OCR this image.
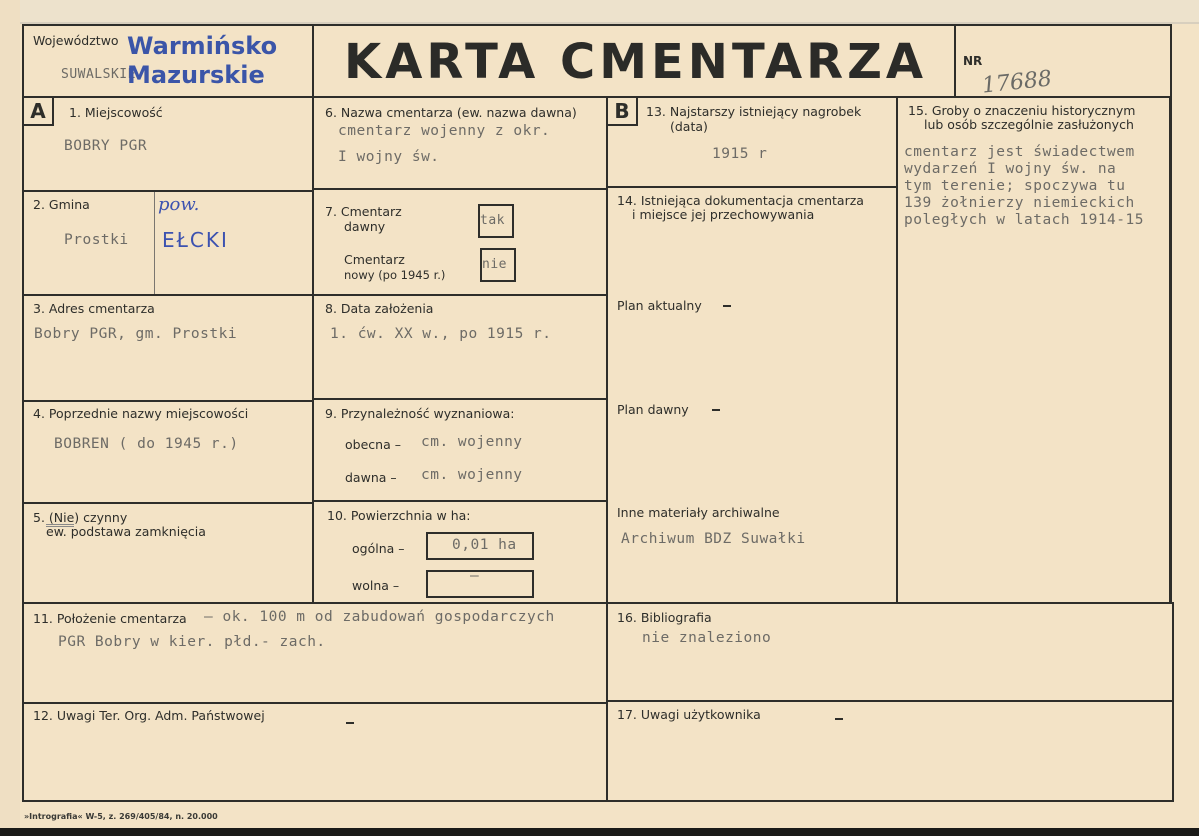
Województwo
SUWALSKIE
Warmińsko
Mazurskie KARTA CMENTARZA	NR
17688
A	1. Miejscowość
BOBRY PGR
2. Gmina
Prostki
pow.
EŁCKI
3. Adres cmentarza
Bobry PGR, gm. Prostki
4. Poprzednie nazwy miejscowości
BOBREN ( do 1945 r.)
5. (Nie) czynny
ew. podstawa zamknięcia
6. Nazwa cmentarza (ew. nazwa dawna)
cmentarz wojenny z okr.
I wojny św.
7. Cmentarz
dawny	tak
Cmentarz
nowy (po 1945 r.)
nie
8. Data założenia
1. ćw. XX w., po 1915 r.
9. Przynależność wyznaniowa:
obecna – cm. wojenny
dawna – cm. wojenny
10. Powierzchnia w ha:
ogólna –	0,01 ha
wolna –
–
B	13. Najstarszy istniejący nagrobek
(data)
1915 r
14. Istniejąca dokumentacja cmentarza
i miejsce jej przechowywania
Plan aktualny
Plan dawny
Inne materiały archiwalne
Archiwum BDZ Suwałki
15. Groby o znaczeniu historycznym
lub osób szczególnie zasłużonych
cmentarz jest świadectwem
wydarzeń I wojny św. na
tym terenie; spoczywa tu
139 żołnierzy niemieckich
poległych w latach 1914-15
11. Położenie cmentarza – ok. 100 m od zabudowań gospodarczych
PGR Bobry w kier. płd.- zach.
16. Bibliografia
nie znaleziono
12. Uwagi Ter. Org. Adm. Państwowej	17. Uwagi użytkownika
»Intrografia« W-5, z. 269/405/84, n. 20.000
